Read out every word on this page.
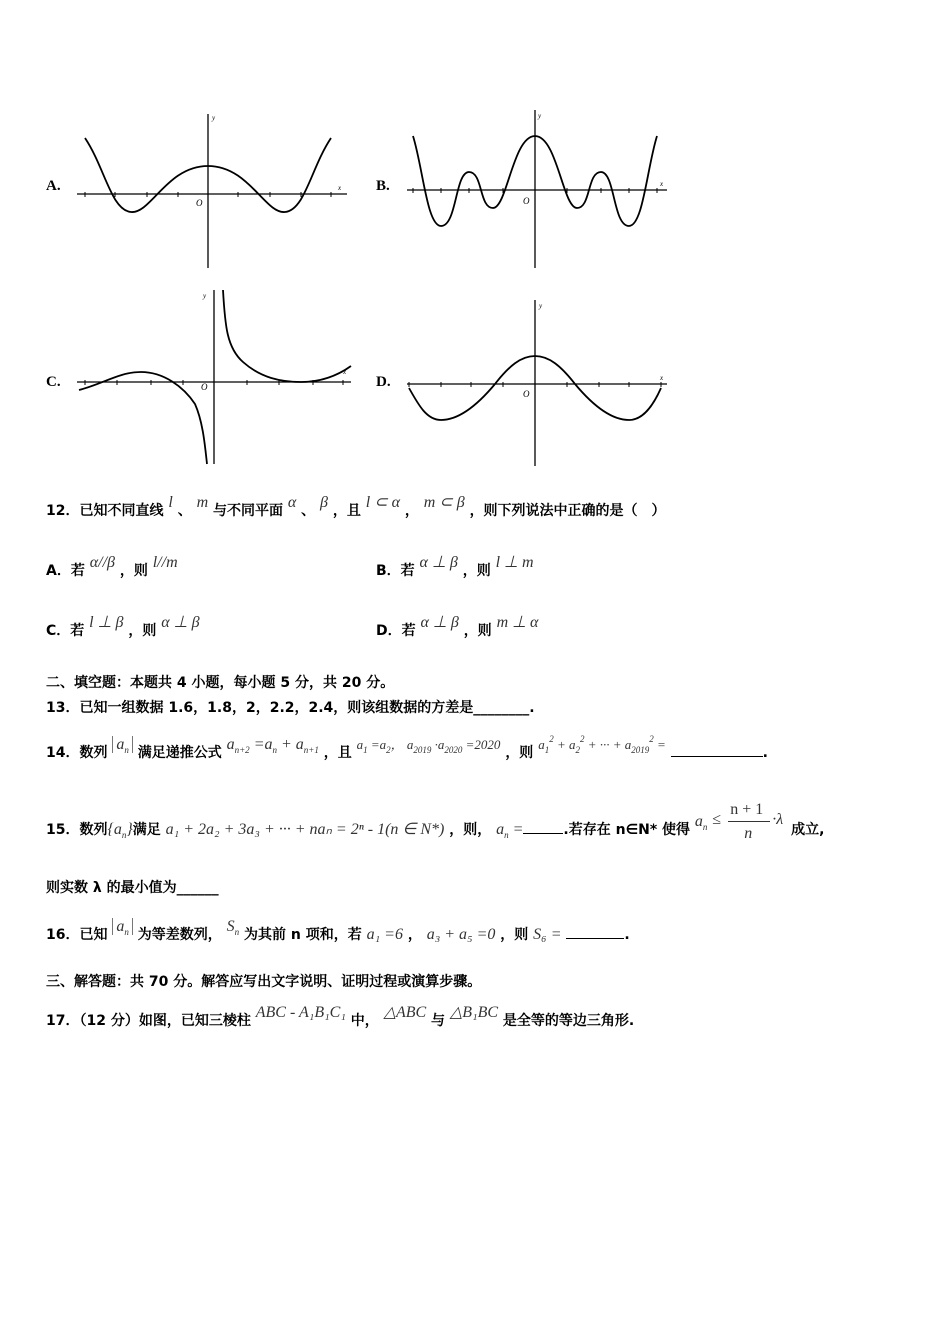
A.	B.
C.	D.
y
x
O
y
x
O
y
x
O
y
x
O
12．已知不同直线 l 、 m 与不同平面 α 、 β ，且 l ⊂ α ， m ⊂ β ，则下列说法中正确的是（　）
A．若 α//β ，则 l//m	B．若 α ⊥ β ，则 l ⊥ m
C．若 l ⊥ β ，则 α ⊥ β	D．若 α ⊥ β ，则 m ⊥ α
二、填空题：本题共 4 小题，每小题 5 分，共 20 分。
13．已知一组数据 1.6，1.8，2，2.2，2.4，则该组数据的方差是________.
14．数列 $a_n$ 满足递推公式 $a_{n+2} =a_n + a_{n+1}$ ，且 $a_1 =a_2$， $a_{2019} \cdot a_{2020} =2020$ ，则 $a_1^2 + a_2^2$ + ··· + $a_{2019}^2$ = .
15．数列$\{a_n\}$满足 a₁ + 2a₂ + 3a₃ + ··· + naₙ = 2ⁿ - 1(n ∈ N*) ，则， $a_n$ =	.若存在 n∈N* 使得 $a_n$ ≤
n + 1
n
·λ
成立,
则实数 λ 的最小值为______
16．已知 $a_n$ 为等差数列， $S_n$ 为其前 n 项和，若 a₁ =6 ， a₃ + a₅ =0 ，则 S₆ =	.
三、解答题：共 70 分。解答应写出文字说明、证明过程或演算步骤。
17．（12 分）如图，已知三棱柱 ABC - A₁B₁C₁ 中， △ABC 与 △B₁BC 是全等的等边三角形.
